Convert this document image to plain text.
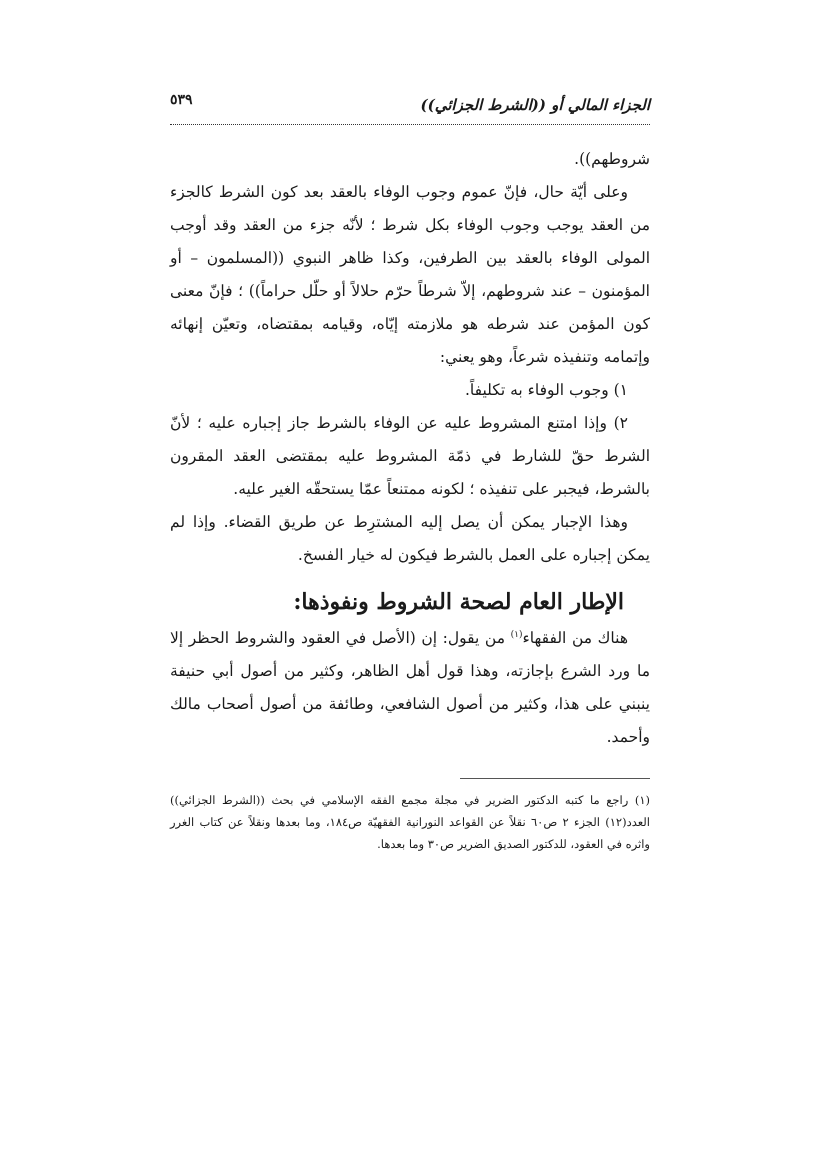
الجزاء المالي أو ((الشرط الجزائي))
٥٣٩

شروطهم)).

وعلى أيّة حال، فإنّ عموم وجوب الوفاء بالعقد بعد كون الشرط كالجزء من العقد يوجب وجوب الوفاء بكل شرط ؛ لأنّه جزء من العقد وقد أوجب المولى الوفاء بالعقد بين الطرفين، وكذا ظاهر النبوي ((المسلمون – أو المؤمنون – عند شروطهم، إلاّ شرطاً حرّم حلالاً أو حلّل حراماً)) ؛ فإنّ معنى كون المؤمن عند شرطه هو ملازمته إيّاه، وقيامه بمقتضاه، وتعيّن إنهائه وإتمامه وتنفيذه شرعاً، وهو يعني:

١) وجوب الوفاء به تكليفاً.

٢) وإذا امتنع المشروط عليه عن الوفاء بالشرط جاز إجباره عليه ؛ لأنّ الشرط حقّ للشارط في ذمّة المشروط عليه بمقتضى العقد المقرون بالشرط، فيجبر على تنفيذه ؛ لكونه ممتنعاً عمّا يستحقّه الغير عليه.

وهذا الإجبار يمكن أن يصل إليه المشترِط عن طريق القضاء. وإذا لم يمكن إجباره على العمل بالشرط فيكون له خيار الفسخ.

الإطار العام لصحة الشروط ونفوذها:

هناك من الفقهاء$^{(١)}$ من يقول: إن (الأصل في العقود والشروط الحظر إلا ما ورد الشرع بإجازته، وهذا قول أهل الظاهر، وكثير من أصول أبي حنيفة ينبني على هذا، وكثير من أصول الشافعي، وطائفة من أصول أصحاب مالك وأحمد.

(١) راجع ما كتبه الدكتور الضرير في مجلة مجمع الفقه الإسلامي في بحث ((الشرط الجزائي)) العدد(١٢) الجزء ٢ ص٦٠ نقلاً عن القواعد النورانية الفقهيّة ص١٨٤، وما بعدها ونقلاً عن كتاب الغرر واثره في العقود، للدكتور الصديق الضرير ص٣٠ وما بعدها.
